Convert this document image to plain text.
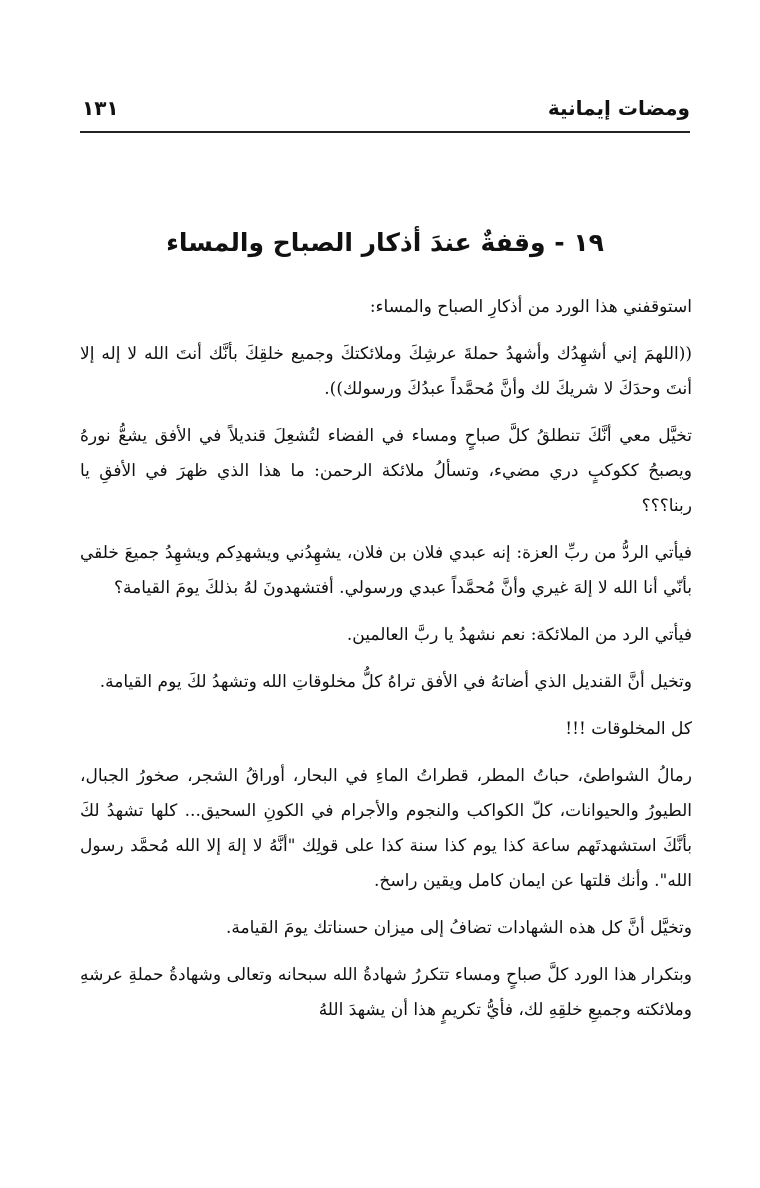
ومضات إيمانية
١٣١
١٩ - وقفةٌ عندَ أذكار الصباح والمساء

استوقفني هذا الورد من أذكارِ الصباح والمساء:

((اللهمَ إني أشهِدُك وأشهدُ حملةَ عرشِكَ وملائكتكَ وجميع خلقِكَ بأنَّك أنتَ الله لا إله إلا أنتَ وحدَكَ لا شريكَ لك وأنَّ مُحمَّداً عبدُكَ ورسولك)).

تخيَّل معي أنَّكَ تنطلقُ كلَّ صباحٍ ومساء في الفضاء لتُشعِلَ قنديلاً في الأفق يشعُّ نورهُ ويصبحُ ككوكبٍ دري مضيء، وتسألُ ملائكة الرحمن: ما هذا الذي ظهرَ في الأفقِ يا ربنا؟؟؟

فيأتي الردُّ من ربِّ العزة: إنه عبدي فلان بن فلان، يشهِدُني ويشهدِكم ويشهِدُ جميعَ خلقي بأنّي أنا الله لا إلهَ غيري وأنَّ مُحمَّداً عبدي ورسولي. أفتشهدونَ لهُ بذلكَ يومَ القيامة؟

فيأتي الرد من الملائكة: نعم نشهدُ يا ربَّ العالمين.

وتخيل أنَّ القنديل الذي أضاتهُ في الأفق تراهُ كلُّ مخلوقاتِ الله وتشهدُ لكَ يوم القيامة.

كل المخلوقات !!!

رمالُ الشواطئ، حباتُ المطر، قطراتُ الماءِ في البحار، أوراقُ الشجر، صخورُ الجبال، الطيورُ والحيوانات، كلّ الكواكب والنجوم والأجرام في الكونِ السحيق... كلها تشهدُ لكَ بأنَّكَ استشهدتَهم ساعة كذا يوم كذا سنة كذا على قولِك "أنَّهُ لا إلهَ إلا الله مُحمَّد رسول الله". وأنك قلتها عن ايمان كامل ويقين راسخ.

وتخيَّل أنَّ كل هذه الشهادات تضافُ إلى ميزان حسناتك يومَ القيامة.

وبتكرار هذا الورد كلَّ صباحٍ ومساء تتكررُ شهادةُ الله سبحانه وتعالى وشهادةُ حملةِ عرشهِ وملائكته وجميعِ خلقِهِ لك، فأيُّ تكريمٍ هذا أن يشهدَ اللهُ
